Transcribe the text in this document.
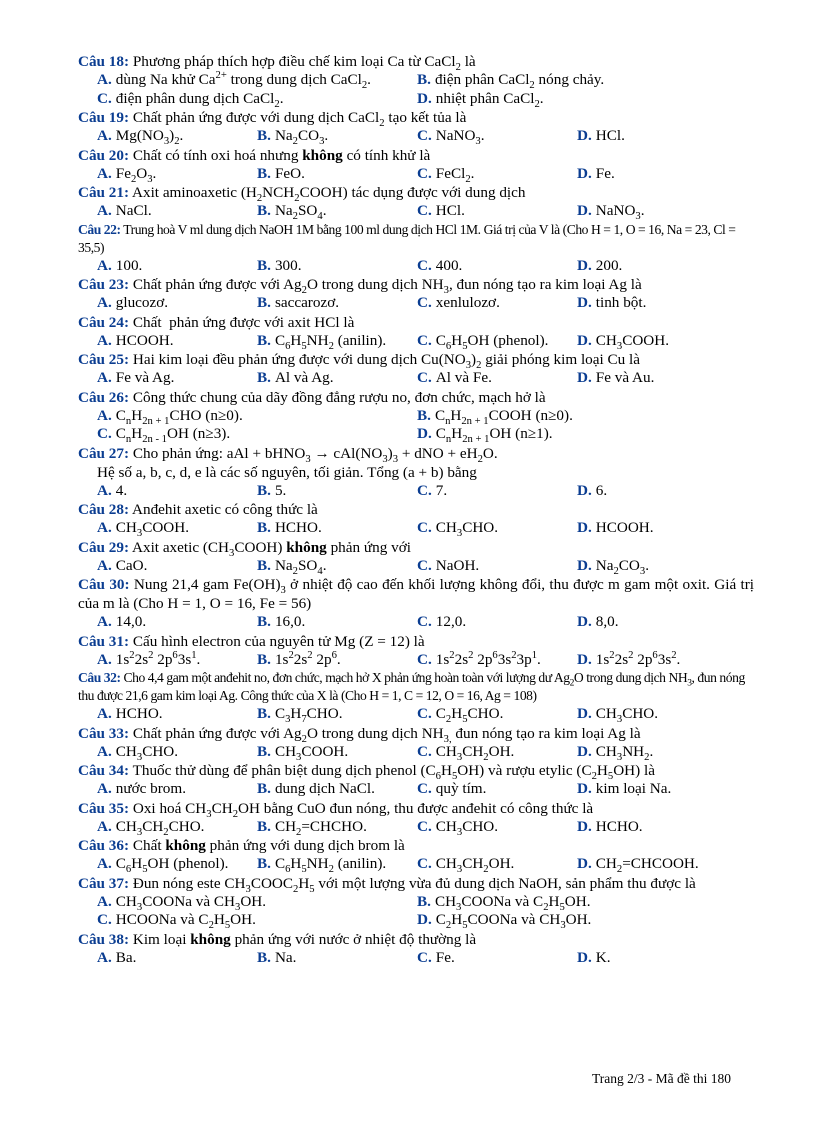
Câu 18: Phương pháp thích hợp điều chế kim loại Ca từ CaCl$_2$ là
A. dùng Na khử $Ca^{2+}$ trong dung dịch CaCl$_2$.	B. điện phân CaCl$_2$ nóng chảy.
C. điện phân dung dịch CaCl$_2$.	D. nhiệt phân CaCl$_2$.
Câu 19: Chất phản ứng được với dung dịch CaCl$_2$ tạo kết tủa là
A. $Mg(NO_3)_2$.	B. $Na_2CO_3$.	C. NaNO$_3$.	D. HCl.
Câu 20: Chất có tính oxi hoá nhưng không có tính khử là
A. $Fe_2O_3$.	B. FeO.	C. FeCl$_2$.	D. Fe.
Câu 21: Axit aminoaxetic $(H_2NCH_2COOH)$ tác dụng được với dung dịch
A. NaCl.	B. $Na_2SO_4$.	C. HCl.	D. NaNO$_3$.
Câu 22: Trung hoà V ml dung dịch NaOH 1M bằng 100 ml dung dịch HCl 1M. Giá trị của V là (Cho H = 1, O = 16, Na = 23, Cl = 35,5)
A. 100.	B. 300.	C. 400.	D. 200.
Câu 23: Chất phản ứng được với $Ag_2O$ trong dung dịch $NH_3$, đun nóng tạo ra kim loại Ag là
A. glucozơ.	B. saccarozơ.	C. xenlulozơ.	D. tinh bột.
Câu 24: Chất  phản ứng được với axit HCl là
A. HCOOH.	B. $C_6H_5NH_2$ (anilin).	C. $C_6H_5OH$ (phenol).	D. $CH_3COOH$.
Câu 25: Hai kim loại đều phản ứng được với dung dịch $Cu(NO_3)_2$ giải phóng kim loại Cu là
A. Fe và Ag.	B. Al và Ag.	C. Al và Fe.	D. Fe và Au.
Câu 26: Công thức chung của dãy đồng đẳng rượu no, đơn chức, mạch hở là
A. $C_nH_{2n + 1}CHO$ (n≥0).	B. $C_nH_{2n + 1}COOH$ (n≥0).
C. $C_nH_{2n - 1}OH$ (n≥3).	D. $C_nH_{2n + 1}OH$ (n≥1).
Câu 27: Cho phản ứng: aAl + bHNO$_3$ → $cAl(NO_3)_3$ + dNO + $eH_2O$.
Hệ số a, b, c, d, e là các số nguyên, tối giản. Tổng (a + b) bằng
A. 4.	B. 5.	C. 7.	D. 6.
Câu 28: Anđehit axetic có công thức là
A. $CH_3COOH$.	B. HCHO.	C. $CH_3CHO$.	D. HCOOH.
Câu 29: Axit axetic $(CH_3COOH)$ không phản ứng với
A. CaO.	B. $Na_2SO_4$.	C. NaOH.	D. $Na_2CO_3$.
Câu 30: Nung 21,4 gam $Fe(OH)_3$ ở nhiệt độ cao đến khối lượng không đổi, thu được m gam một oxit. Giá trị của m là (Cho H = 1, O = 16, Fe = 56)
A. 14,0.	B. 16,0.	C. 12,0.	D. 8,0.
Câu 31: Cấu hình electron của nguyên tử Mg (Z = 12) là
A. $1s^22s^2$ $2p^63s^1$.	B. $1s^22s^2$ $2p^6$.	C. $1s^22s^2$ $2p^63s^23p^1$.	D. $1s^22s^2$ $2p^63s^2$.
Câu 32: Cho 4,4 gam một anđehit no, đơn chức, mạch hở X phản ứng hoàn toàn với lượng dư $Ag_2O$ trong dung dịch $NH_3$, đun nóng thu được 21,6 gam kim loại Ag. Công thức của X là (Cho H = 1, C = 12, O = 16, Ag = 108)
A. HCHO.	B. $C_3H_7CHO$.	C. $C_2H_5CHO$.	D. $CH_3CHO$.
Câu 33: Chất phản ứng được với $Ag_2O$ trong dung dịch $NH_{3,}$ đun nóng tạo ra kim loại Ag là
A. $CH_3CHO$.	B. $CH_3COOH$.	C. $CH_3CH_2OH$.	D. $CH_3NH_2$.
Câu 34: Thuốc thử dùng để phân biệt dung dịch phenol $(C_6H_5OH)$ và rượu etylic $(C_2H_5OH)$ là
A. nước brom.	B. dung dịch NaCl.	C. quỳ tím.	D. kim loại Na.
Câu 35: Oxi hoá $CH_3CH_2OH$ bằng CuO đun nóng, thu được anđehit có công thức là
A. $CH_3CH_2CHO$.	B. $CH_2=CHCHO$.	C. $CH_3CHO$.	D. HCHO.
Câu 36: Chất không phản ứng với dung dịch brom là
A. $C_6H_5OH$ (phenol).	B. $C_6H_5NH_2$ (anilin).	C. $CH_3CH_2OH$.	D. $CH_2=CHCOOH$.
Câu 37: Đun nóng este $CH_3COOC_2H_5$ với một lượng vừa đủ dung dịch NaOH, sản phẩm thu được là
A. $CH_3COONa$ và $CH_3OH$.	B. $CH_3COONa$ và $C_2H_5OH$.
C. HCOONa và $C_2H_5OH$.	D. $C_2H_5COONa$ và $CH_3OH$.
Câu 38: Kim loại không phản ứng với nước ở nhiệt độ thường là
A. Ba.	B. Na.	C. Fe.	D. K.
Trang 2/3 - Mã đề thi 180
